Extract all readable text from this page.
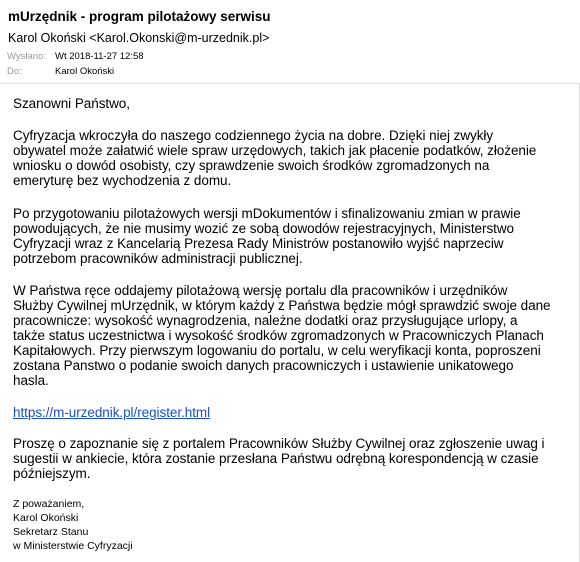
mUrzędnik - program pilotażowy serwisu
Karol Okoński <Karol.Okonski@m-urzednik.pl>
Wysłano: Wt 2018-11-27 12:58
Do:	Karol Okoński
Szanowni Państwo,
Cyfryzacja wkroczyła do naszego codziennego życia na dobre. Dzięki niej zwykły
obywatel może załatwić wiele spraw urzędowych, takich jak płacenie podatków, złożenie
wniosku o dowód osobisty, czy sprawdzenie swoich środków zgromadzonych na
emeryturę bez wychodzenia z domu.
Po przygotowaniu pilotażowych wersji mDokumentów i sfinalizowaniu zmian w prawie
powodujących, że nie musimy wozić ze sobą dowodów rejestracyjnych, Ministerstwo
Cyfryzacji wraz z Kancelarią Prezesa Rady Ministrów postanowiło wyjść naprzeciw
potrzebom pracowników administracji publicznej.
W Państwa ręce oddajemy pilotażową wersję portalu dla pracowników i urzędników
Służby Cywilnej mUrzędnik, w którym każdy z Państwa będzie mógł sprawdzić swoje dane
pracownicze: wysokość wynagrodzenia, należne dodatki oraz przysługujące urlopy, a
także status uczestnictwa i wysokość środków zgromadzonych w Pracowniczych Planach
Kapitałowych. Przy pierwszym logowaniu do portalu, w celu weryfikacji konta, poproszeni
zostana Panstwo o podanie swoich danych pracowniczych i ustawienie unikatowego
hasla.
https://m-urzednik.pl/register.html
Proszę o zapoznanie się z portalem Pracowników Służby Cywilnej oraz zgłoszenie uwag i
sugestii w ankiecie, która zostanie przesłana Państwu odrębną korespondencją w czasie
późniejszym.
Z poważaniem,
Karol Okoński
Sekretarz Stanu
w Ministerstwie Cyfryzacji
